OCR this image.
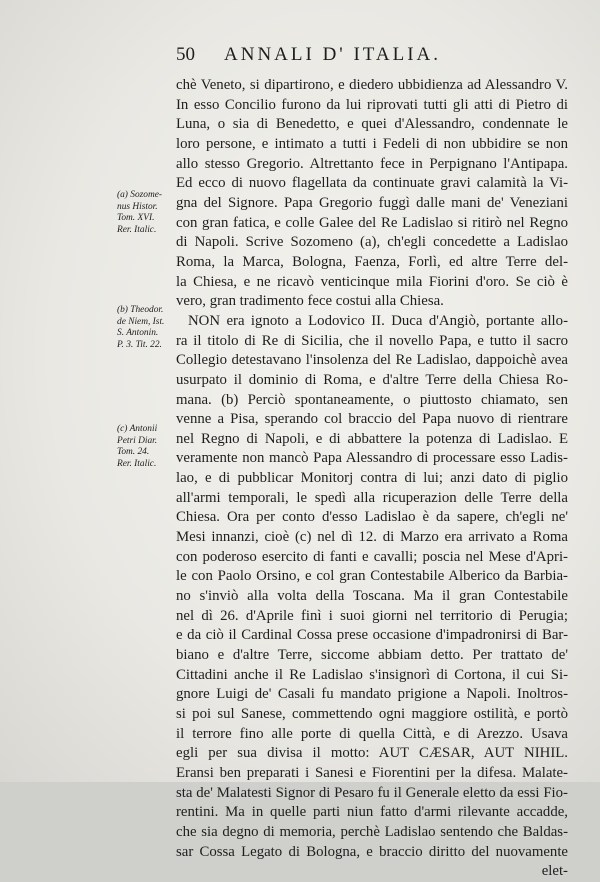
50 ANNALI D' ITALIA.
(a) Sozome-
nus Histor.
Tom. XVI.
Rer. Italic.
(b) Theodor.
de Niem, Ist.
S. Antonin.
P. 3. Tit. 22.
(c) Antonii
Petri Diar.
Tom. 24.
Rer. Italic.
chè Veneto, si dipartirono, e diedero ubbidienza ad Alessandro V.
In esso Concilio furono da lui riprovati tutti gli atti di Pietro di
Luna, o sia di Benedetto, e quei d'Alessandro, condennate le
loro persone, e intimato a tutti i Fedeli di non ubbidire se non
allo stesso Gregorio. Altrettanto fece in Perpignano l'Antipapa.
Ed ecco di nuovo flagellata da continuate gravi calamità la Vi-
gna del Signore. Papa Gregorio fuggì dalle mani de' Veneziani
con gran fatica, e colle Galee del Re Ladislao si ritirò nel Regno
di Napoli. Scrive Sozomeno (a), ch'egli concedette a Ladislao
Roma, la Marca, Bologna, Faenza, Forlì, ed altre Terre del-
la Chiesa, e ne ricavò venticinque mila Fiorini d'oro. Se ciò è
vero, gran tradimento fece costui alla Chiesa.
NON era ignoto a Lodovico II. Duca d'Angiò, portante allo-
ra il titolo di Re di Sicilia, che il novello Papa, e tutto il sacro
Collegio detestavano l'insolenza del Re Ladislao, dappoichè avea
usurpato il dominio di Roma, e d'altre Terre della Chiesa Ro-
mana. (b) Perciò spontaneamente, o piuttosto chiamato, sen
venne a Pisa, sperando col braccio del Papa nuovo di rientrare
nel Regno di Napoli, e di abbattere la potenza di Ladislao. E
veramente non mancò Papa Alessandro di processare esso Ladis-
lao, e di pubblicar Monitorj contra di lui; anzi dato di piglio
all'armi temporali, le spedì alla ricuperazion delle Terre della
Chiesa. Ora per conto d'esso Ladislao è da sapere, ch'egli ne'
Mesi innanzi, cioè (c) nel dì 12. di Marzo era arrivato a Roma
con poderoso esercito di fanti e cavalli; poscia nel Mese d'Apri-
le con Paolo Orsino, e col gran Contestabile Alberico da Barbia-
no s'inviò alla volta della Toscana. Ma il gran Contestabile
nel dì 26. d'Aprile finì i suoi giorni nel territorio di Perugia;
e da ciò il Cardinal Cossa prese occasione d'impadronirsi di Bar-
biano e d'altre Terre, siccome abbiam detto. Per trattato de'
Cittadini anche il Re Ladislao s'insignorì di Cortona, il cui Si-
gnore Luigi de' Casali fu mandato prigione a Napoli. Inoltros-
si poi sul Sanese, commettendo ogni maggiore ostilità, e portò
il terrore fino alle porte di quella Città, e di Arezzo. Usava
egli per sua divisa il motto: AUT CÆSAR, AUT NIHIL.
Eransi ben preparati i Sanesi e Fiorentini per la difesa. Malate-
sta de' Malatesti Signor di Pesaro fu il Generale eletto da essi Fio-
rentini. Ma in quelle parti niun fatto d'armi rilevante accadde,
che sia degno di memoria, perchè Ladislao sentendo che Baldas-
sar Cossa Legato di Bologna, e braccio diritto del nuovamente
elet-
